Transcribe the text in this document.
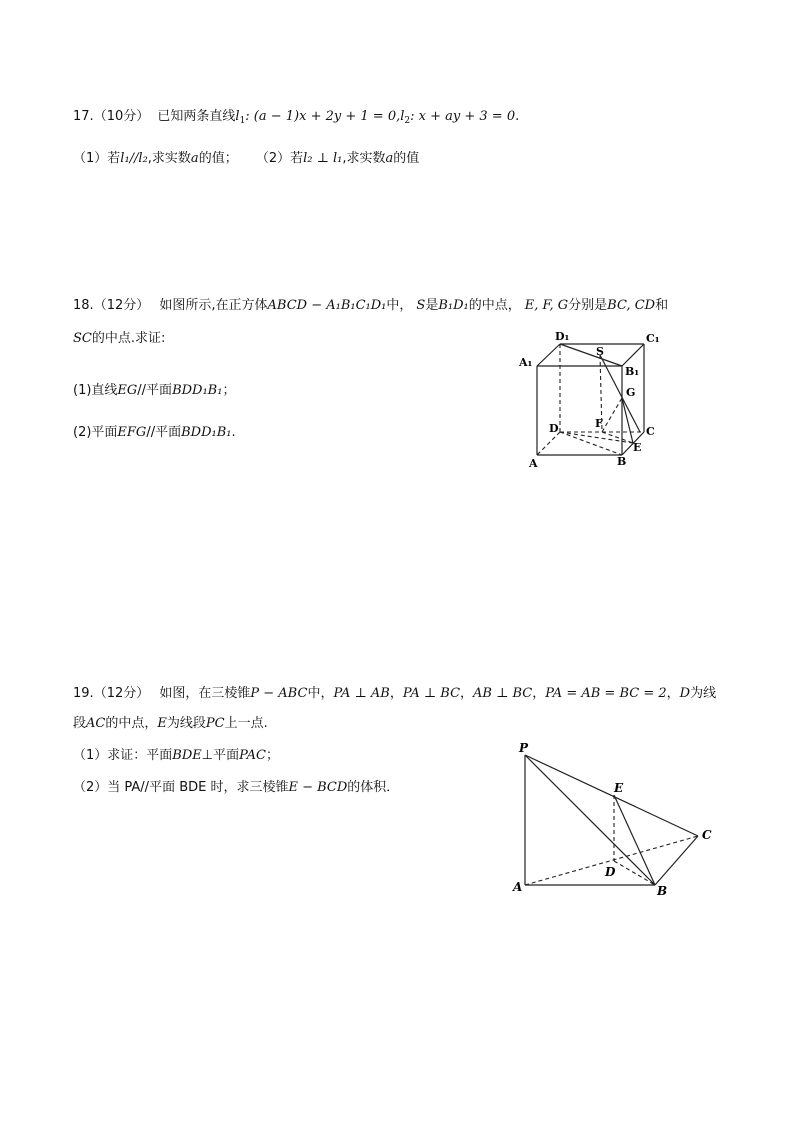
17.（10分） 已知两条直线$l_1$: $(a - 1)x + 2y + 1 = 0,l_2$: x + ay + 3 = 0.
（1）若l₁//l₂,求实数a的值； （2）若l₂ ⊥ l₁,求实数a的值
18.（12分） 如图所示,在正方体ABCD − A₁B₁C₁D₁中， S是B₁D₁的中点， E, F, G分别是BC, CD和
SC的中点.求证:
(1)直线EG//平面BDD₁B₁；
(2)平面EFG//平面BDD₁B₁.
D₁	C₁
A₁
B₁
S
G
F
D	C
A	B
E
19.（12分） 如图，在三棱锥P − ABC中，PA ⊥ AB，PA ⊥ BC，AB ⊥ BC，PA = AB = BC = 2，D为线
段AC的中点，E为线段PC上一点.
（1）求证：平面BDE⊥平面PAC；
（2）当 PA//平面 BDE 时，求三棱锥E − BCD的体积．
P
E
C
D
A	B
